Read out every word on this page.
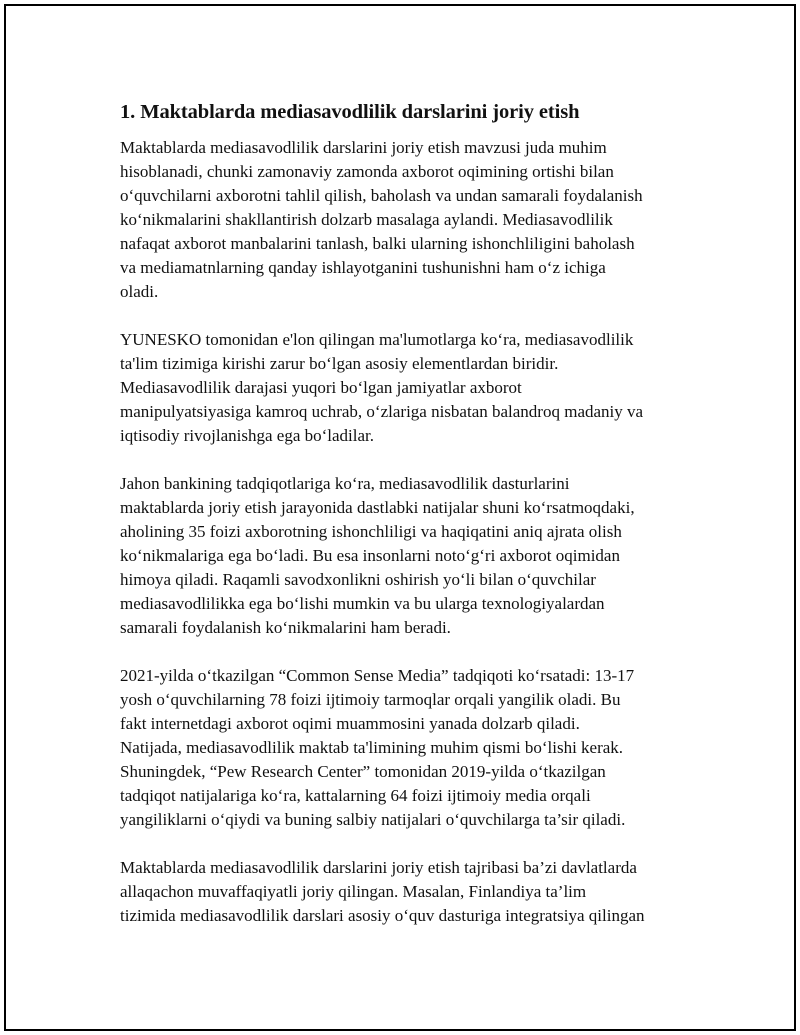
1. Maktablarda mediasavodlilik darslarini joriy etish
Maktablarda mediasavodlilik darslarini joriy etish mavzusi juda muhim
hisoblanadi, chunki zamonaviy zamonda axborot oqimining ortishi bilan
oʻquvchilarni axborotni tahlil qilish, baholash va undan samarali foydalanish
koʻnikmalarini shakllantirish dolzarb masalaga aylandi. Mediasavodlilik
nafaqat axborot manbalarini tanlash, balki ularning ishonchliligini baholash
va mediamatnlarning qanday ishlayotganini tushunishni ham oʻz ichiga
oladi.
YUNESKO tomonidan e'lon qilingan ma'lumotlarga koʻra, mediasavodlilik
ta'lim tizimiga kirishi zarur boʻlgan asosiy elementlardan biridir.
Mediasavodlilik darajasi yuqori boʻlgan jamiyatlar axborot
manipulyatsiyasiga kamroq uchrab, oʻzlariga nisbatan balandroq madaniy va
iqtisodiy rivojlanishga ega boʻladilar.
Jahon bankining tadqiqotlariga koʻra, mediasavodlilik dasturlarini
maktablarda joriy etish jarayonida dastlabki natijalar shuni koʻrsatmoqdaki,
aholining 35 foizi axborotning ishonchliligi va haqiqatini aniq ajrata olish
koʻnikmalariga ega boʻladi. Bu esa insonlarni notoʻgʻri axborot oqimidan
himoya qiladi. Raqamli savodxonlikni oshirish yoʻli bilan oʻquvchilar
mediasavodlilikka ega boʻlishi mumkin va bu ularga texnologiyalardan
samarali foydalanish koʻnikmalarini ham beradi.
2021-yilda oʻtkazilgan “Common Sense Media” tadqiqoti koʻrsatadi: 13-17
yosh oʻquvchilarning 78 foizi ijtimoiy tarmoqlar orqali yangilik oladi. Bu
fakt internetdagi axborot oqimi muammosini yanada dolzarb qiladi.
Natijada, mediasavodlilik maktab ta'limining muhim qismi boʻlishi kerak.
Shuningdek, “Pew Research Center” tomonidan 2019-yilda oʻtkazilgan
tadqiqot natijalariga koʻra, kattalarning 64 foizi ijtimoiy media orqali
yangiliklarni oʻqiydi va buning salbiy natijalari oʻquvchilarga ta’sir qiladi.
Maktablarda mediasavodlilik darslarini joriy etish tajribasi ba’zi davlatlarda
allaqachon muvaffaqiyatli joriy qilingan. Masalan, Finlandiya ta’lim
tizimida mediasavodlilik darslari asosiy oʻquv dasturiga integratsiya qilingan
